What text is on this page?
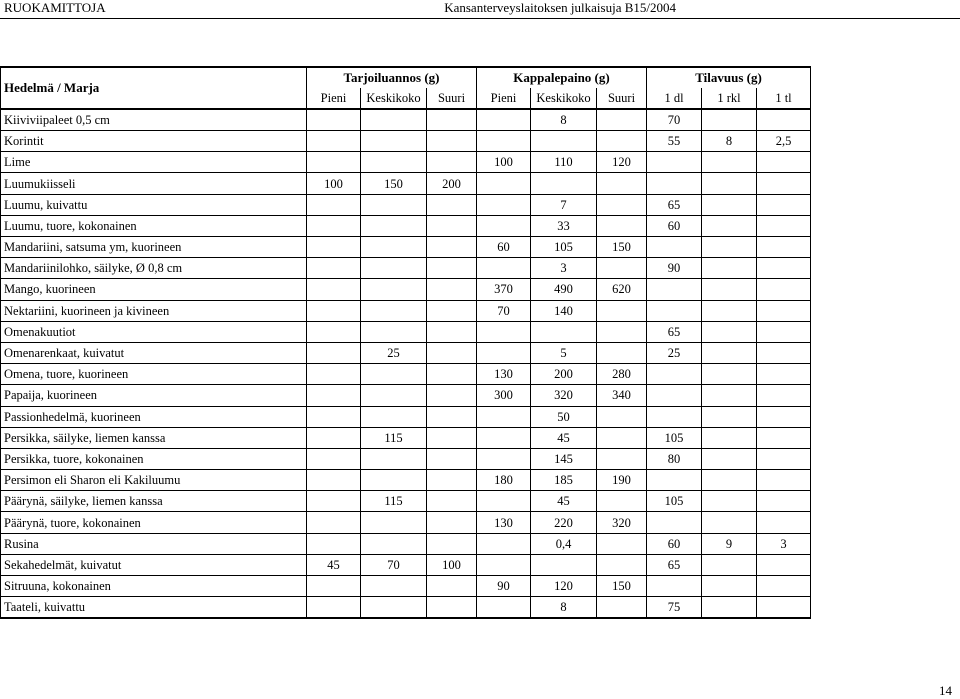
RUOKAMITTOJA	Kansanterveyslaitoksen julkaisuja B15/2004
Hedelmä / Marja	Tarjoiluannos (g)			Kappalepaino (g)			Tilavuus (g)		
	Pieni	Keskikoko	Suuri	Pieni	Keskikoko	Suuri	1 dl	1 rkl	1 tl
Kiiviviipaleet 0,5 cm					8		70		
Korintit							55	8	2,5
Lime				100	110	120			
Luumukiisseli	100	150	200						
Luumu, kuivattu					7		65		
Luumu, tuore, kokonainen					33		60		
Mandariini, satsuma ym, kuorineen				60	105	150			
Mandariinilohko, säilyke, Ø 0,8 cm					3		90		
Mango, kuorineen				370	490	620			
Nektariini, kuorineen ja kivineen				70	140				
Omenakuutiot							65		
Omenarenkaat, kuivatut		25			5		25		
Omena, tuore, kuorineen				130	200	280			
Papaija, kuorineen				300	320	340			
Passionhedelmä, kuorineen					50				
Persikka, säilyke, liemen kanssa		115			45		105		
Persikka, tuore, kokonainen					145		80		
Persimon eli Sharon eli Kakiluumu				180	185	190			
Päärynä, säilyke, liemen kanssa		115			45		105		
Päärynä, tuore, kokonainen				130	220	320			
Rusina					0,4		60	9	3
Sekahedelmät, kuivatut	45	70	100				65		
Sitruuna, kokonainen				90	120	150			
Taateli, kuivattu					8		75		
14
